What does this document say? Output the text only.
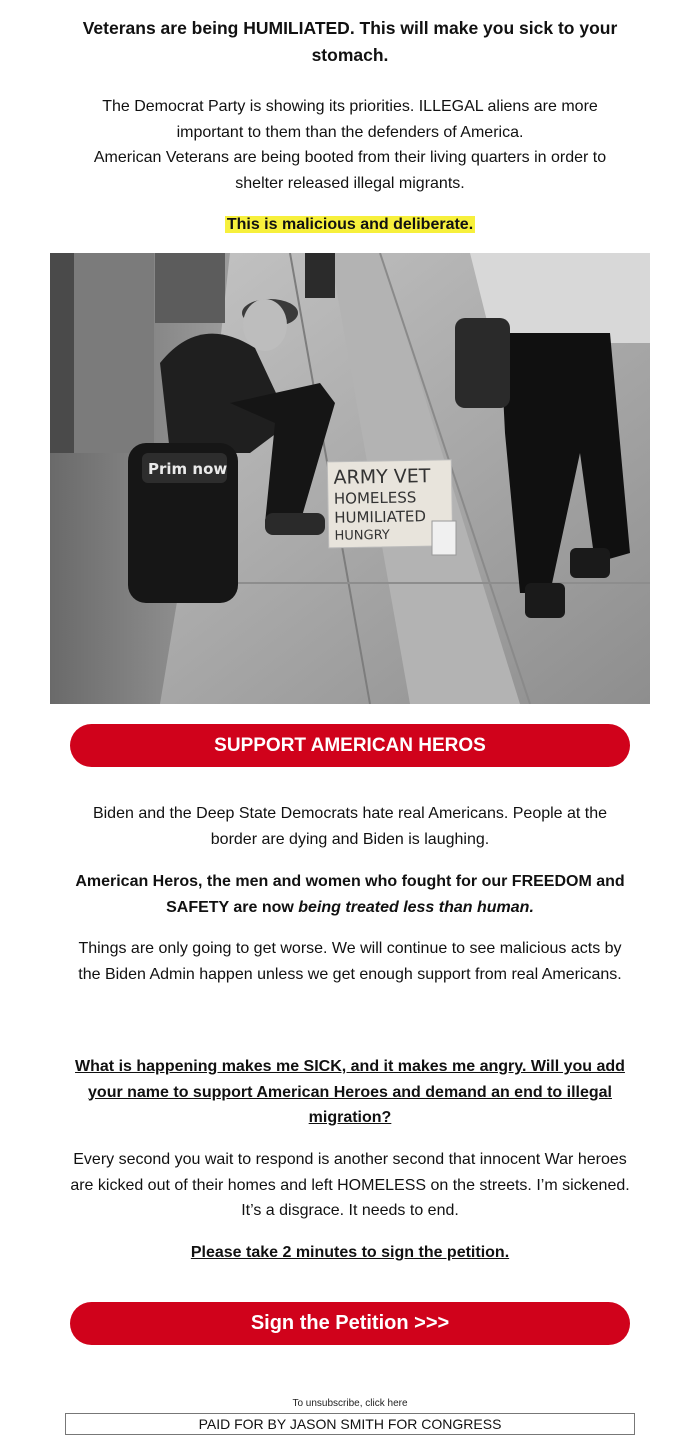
Veterans are being HUMILIATED. This will make you sick to your
stomach.

The Democrat Party is showing its priorities. ILLEGAL aliens are more important to them than the defenders of America.

American Veterans are being booted from their living quarters in order to shelter released illegal migrants.

This is malicious and deliberate.
Prim now	ARMY VET
HOMELESS
HUMILIATED
HUNGRY
SUPPORT AMERICAN HEROS

Biden and the Deep State Democrats hate real Americans. People at the border are dying and Biden is laughing.

American Heros, the men and women who fought for our FREEDOM and SAFETY are now being treated less than human.

Things are only going to get worse. We will continue to see malicious acts by the Biden Admin happen unless we get enough support from real Americans.

What is happening makes me SICK, and it makes me angry. Will you add your name to support American Heroes and demand an end to illegal migration?

Every second you wait to respond is another second that innocent War heroes are kicked out of their homes and left HOMELESS on the streets. I’m sickened. It’s a disgrace. It needs to end.

Please take 2 minutes to sign the petition.

Sign the Petition >>>
To unsubscribe, click here
PAID FOR BY JASON SMITH FOR CONGRESS
